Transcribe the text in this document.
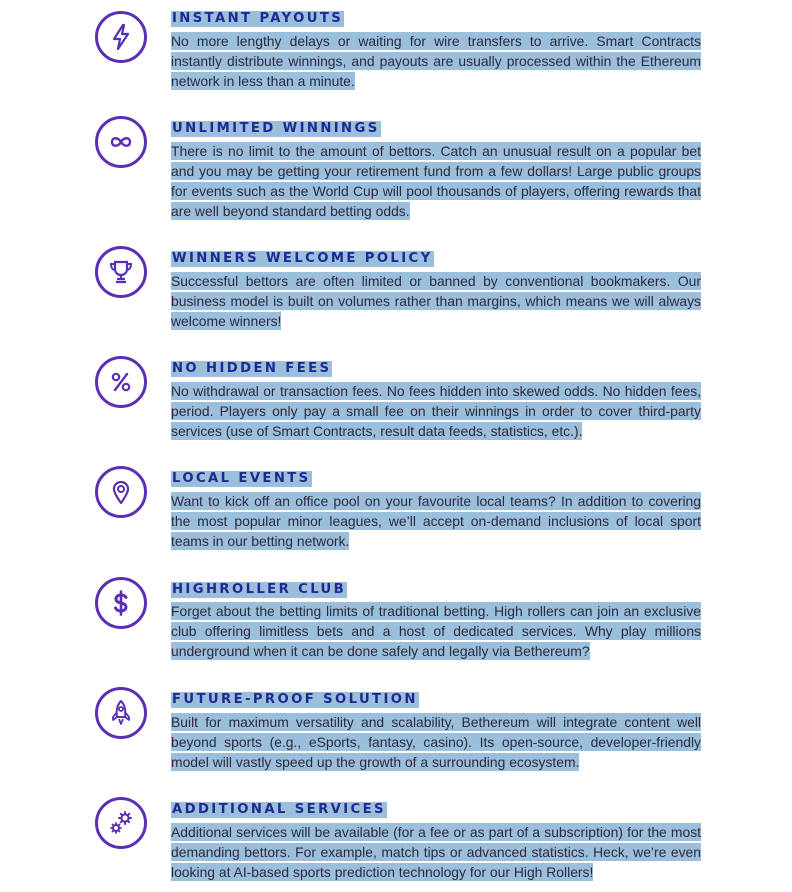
INSTANT PAYOUTS

No more lengthy delays or waiting for wire transfers to arrive. Smart Contracts instantly distribute winnings, and payouts are usually processed within the Ethereum network in less than a minute.

UNLIMITED WINNINGS

There is no limit to the amount of bettors. Catch an unusual result on a popular bet and you may be getting your retirement fund from a few dollars! Large public groups for events such as the World Cup will pool thousands of players, offering rewards that are well beyond standard betting odds.

WINNERS WELCOME POLICY

Successful bettors are often limited or banned by conventional bookmakers. Our business model is built on volumes rather than margins, which means we will always welcome winners!

NO HIDDEN FEES

No withdrawal or transaction fees. No fees hidden into skewed odds. No hidden fees, period. Players only pay a small fee on their winnings in order to cover third-party services (use of Smart Contracts, result data feeds, statistics, etc.).

LOCAL EVENTS

Want to kick off an office pool on your favourite local teams? In addition to covering the most popular minor leagues, we’ll accept on-demand inclusions of local sport teams in our betting network.

HIGHROLLER CLUB

Forget about the betting limits of traditional betting. High rollers can join an exclusive club offering limitless bets and a host of dedicated services. Why play millions underground when it can be done safely and legally via Bethereum?

FUTURE-PROOF SOLUTION

Built for maximum versatility and scalability, Bethereum will integrate content well beyond sports (e.g., eSports, fantasy, casino). Its open-source, developer-friendly model will vastly speed up the growth of a surrounding ecosystem.

ADDITIONAL SERVICES

Additional services will be available (for a fee or as part of a subscription) for the most demanding bettors. For example, match tips or advanced statistics. Heck, we’re even looking at AI-based sports prediction technology for our High Rollers!
